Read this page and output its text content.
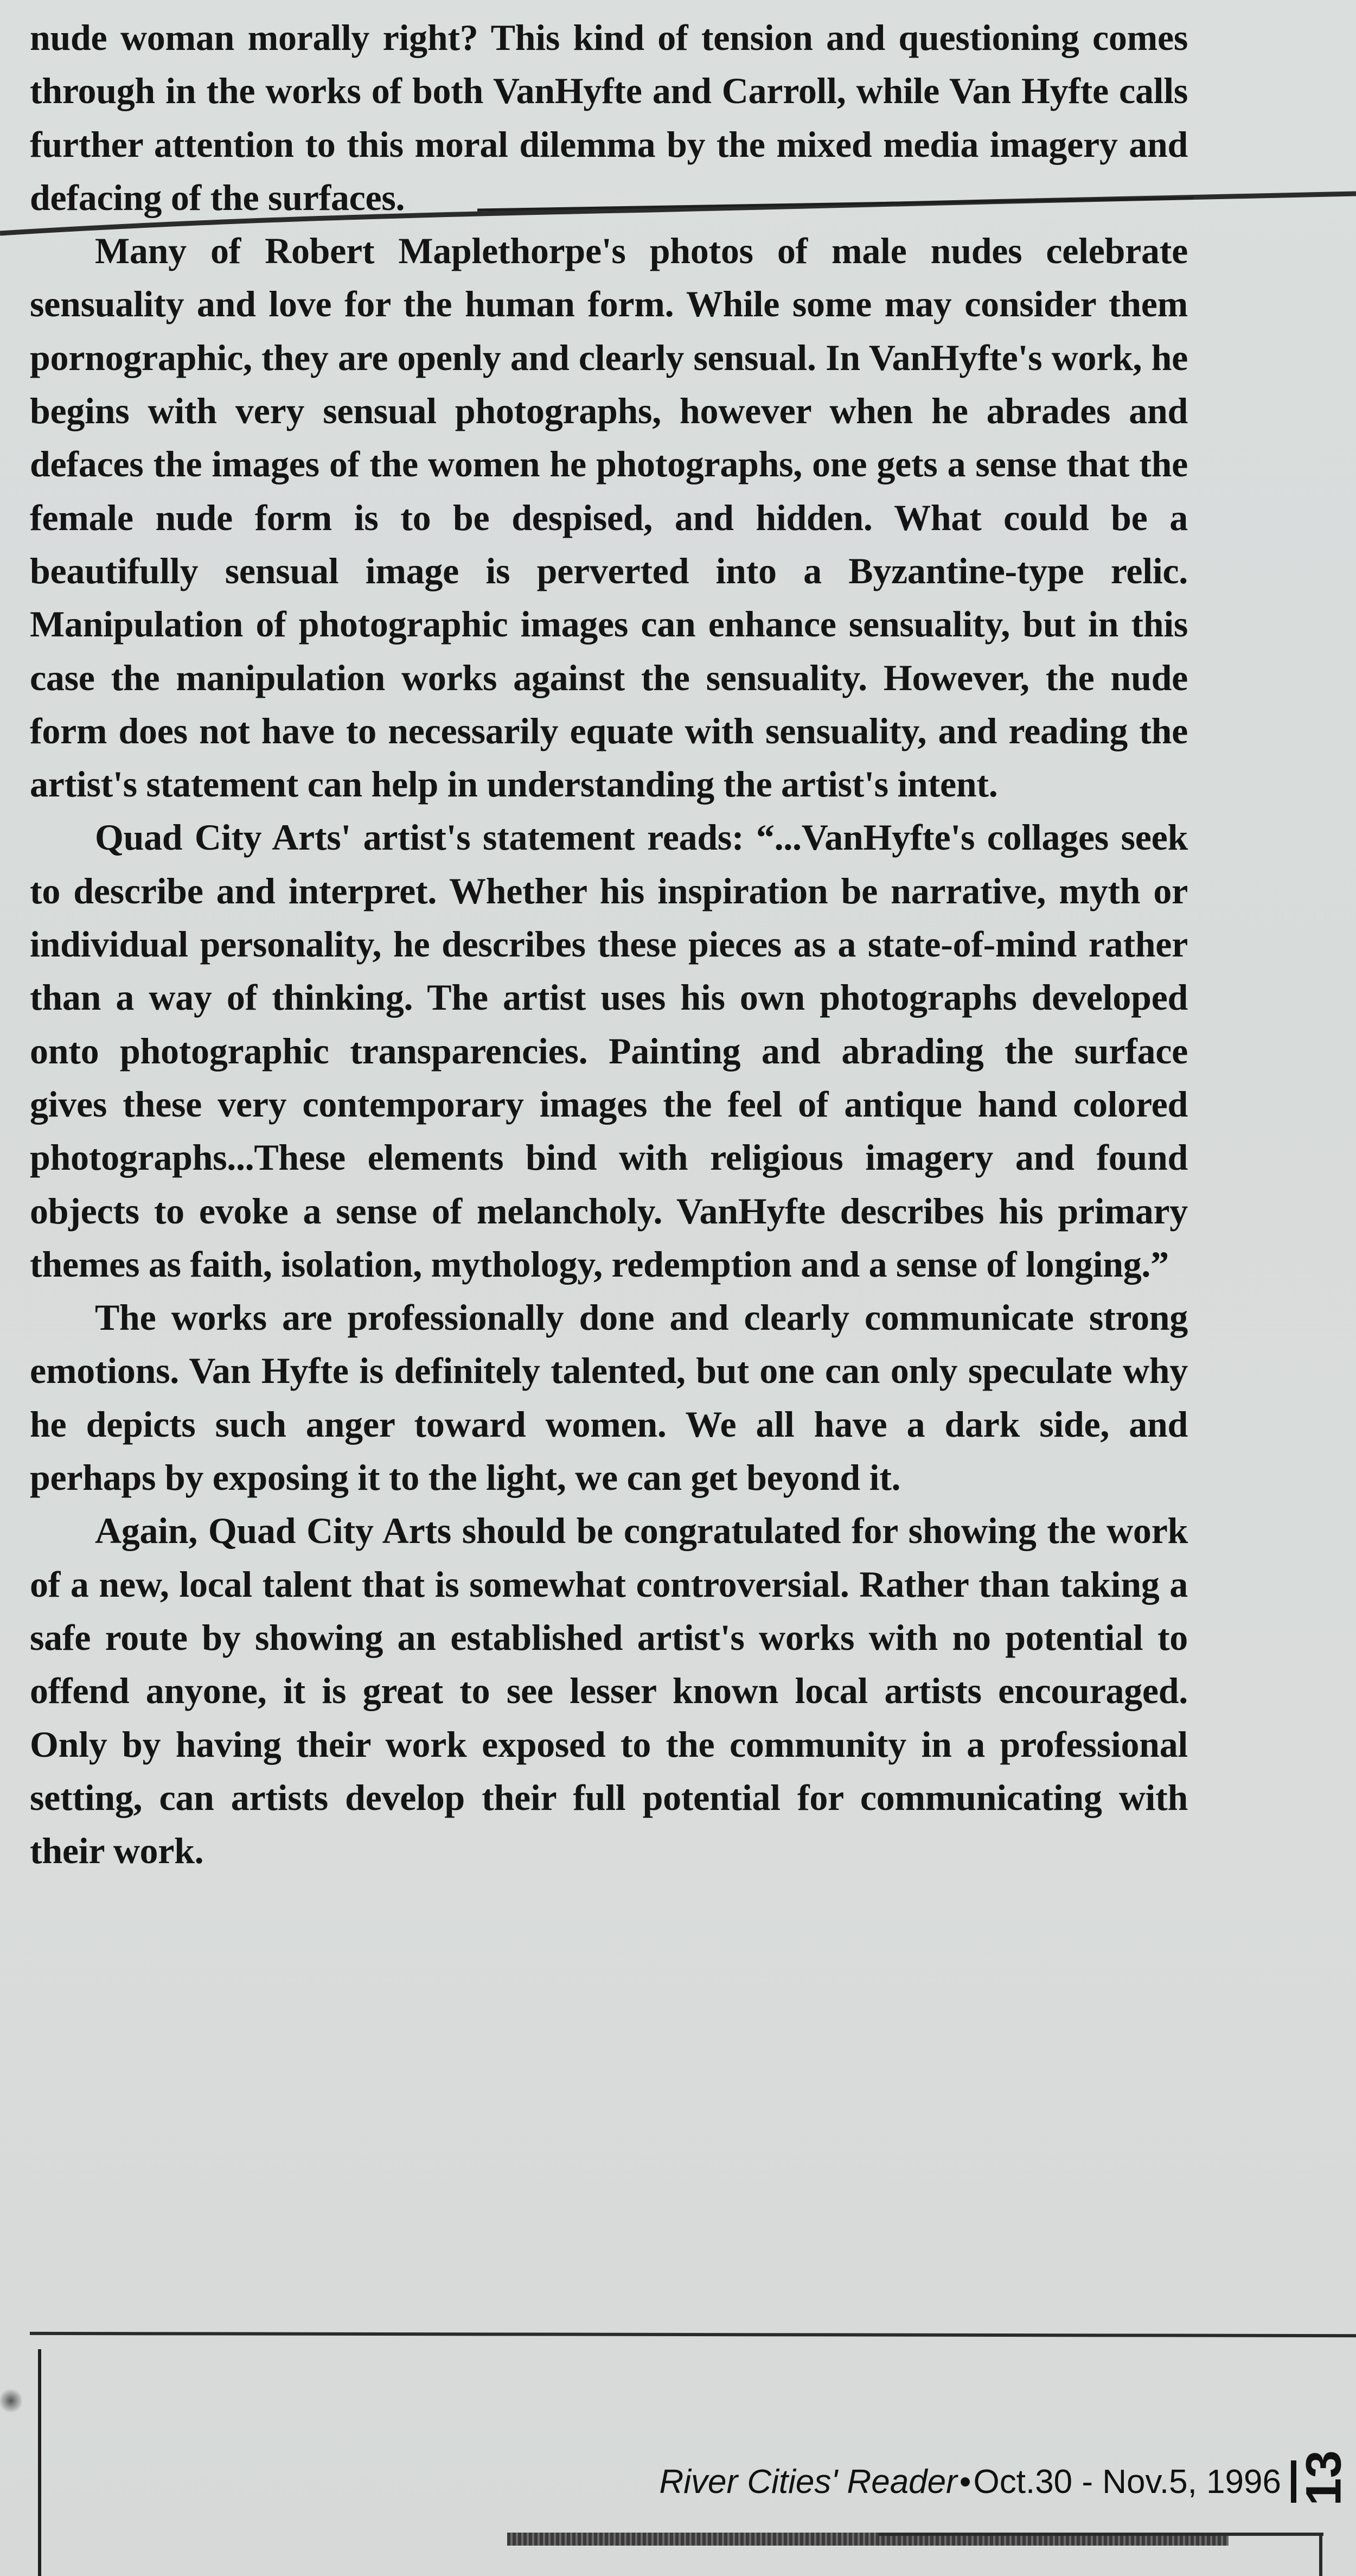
nude woman morally right? This kind of tension and questioning comes through in the works of both VanHyfte and Carroll, while Van Hyfte calls further attention to this moral dilemma by the mixed media imagery and defacing of the surfaces.

Many of Robert Maplethorpe's photos of male nudes celebrate sensuality and love for the human form. While some may consider them pornographic, they are openly and clearly sensual. In VanHyfte's work, he begins with very sensual photographs, however when he abrades and defaces the images of the women he photographs, one gets a sense that the female nude form is to be despised, and hidden. What could be a beautifully sensual image is perverted into a Byzantine-type relic. Manipulation of photographic images can enhance sensuality, but in this case the manipulation works against the sensuality. However, the nude form does not have to necessarily equate with sensuality, and reading the artist's statement can help in understanding the artist's intent.

Quad City Arts' artist's statement reads: “...VanHyfte's collages seek to describe and interpret. Whether his inspiration be narrative, myth or individual personality, he describes these pieces as a state-of-mind rather than a way of thinking. The artist uses his own photographs developed onto photographic transparencies. Painting and abrading the surface gives these very contemporary images the feel of antique hand colored photographs...These elements bind with religious imagery and found objects to evoke a sense of melancholy. VanHyfte describes his primary themes as faith, isolation, mythology, redemption and a sense of longing.”

The works are professionally done and clearly communicate strong emotions. Van Hyfte is definitely talented, but one can only speculate why he depicts such anger toward women. We all have a dark side, and perhaps by exposing it to the light, we can get beyond it.

Again, Quad City Arts should be congratulated for showing the work of a new, local talent that is somewhat controversial. Rather than taking a safe route by showing an established artist's works with no potential to offend anyone, it is great to see lesser known local artists encouraged. Only by having their work exposed to the community in a professional setting, can artists develop their full potential for communicating with their work.

River Cities' Reader • Oct.30 - Nov.5, 1996 13
